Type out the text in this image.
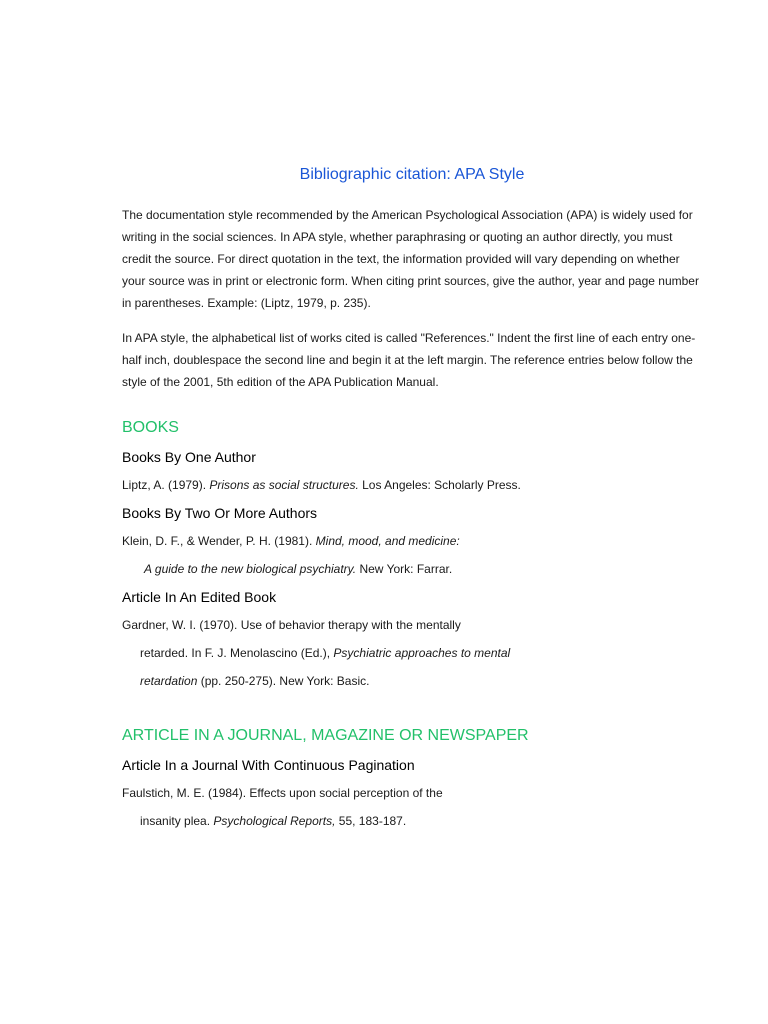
Bibliographic citation: APA Style

The documentation style recommended by the American Psychological Association (APA) is widely used for writing in the social sciences. In APA style, whether paraphrasing or quoting an author directly, you must credit the source. For direct quotation in the text, the information provided will vary depending on whether your source was in print or electronic form. When citing print sources, give the author, year and page number in parentheses. Example: (Liptz, 1979, p. 235).

In APA style, the alphabetical list of works cited is called "References." Indent the first line of each entry one-half inch, doublespace the second line and begin it at the left margin. The reference entries below follow the style of the 2001, 5th edition of the APA Publication Manual.

BOOKS
Books By One Author
Liptz, A. (1979). Prisons as social structures. Los Angeles: Scholarly Press.
Books By Two Or More Authors
Klein, D. F., & Wender, P. H. (1981). Mind, mood, and medicine:
A guide to the new biological psychiatry. New York: Farrar.
Article In An Edited Book
Gardner, W. I. (1970). Use of behavior therapy with the mentally
retarded. In F. J. Menolascino (Ed.), Psychiatric approaches to mental
retardation (pp. 250-275). New York: Basic.
ARTICLE IN A JOURNAL, MAGAZINE OR NEWSPAPER
Article In a Journal With Continuous Pagination
Faulstich, M. E. (1984). Effects upon social perception of the
insanity plea. Psychological Reports, 55, 183-187.
